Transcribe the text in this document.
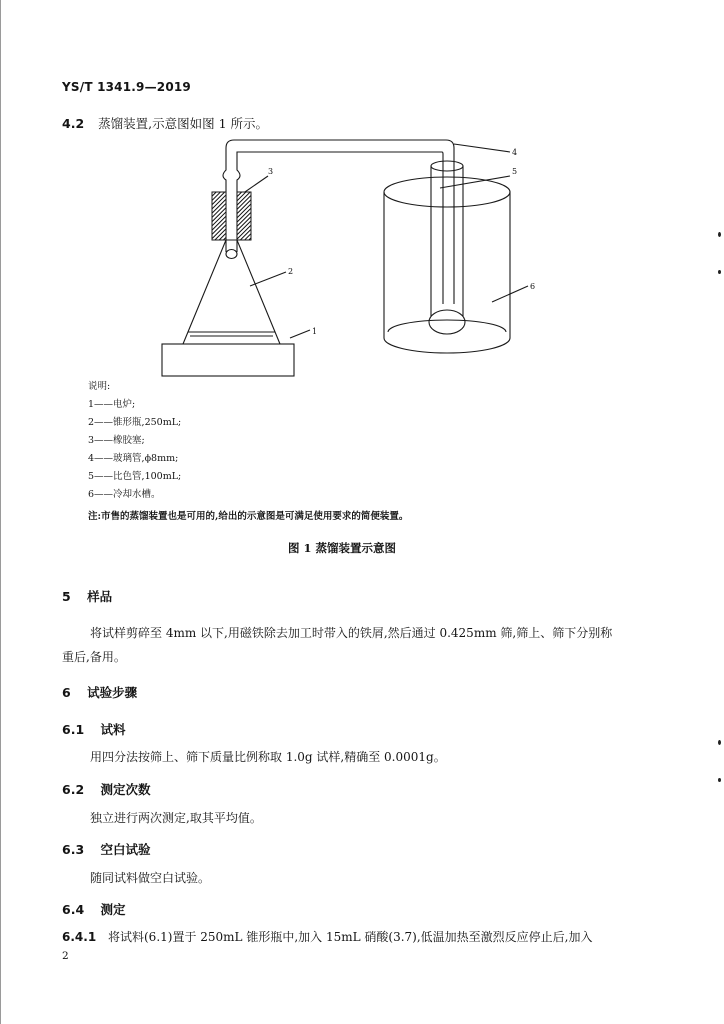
YS/T 1341.9—2019
4.2 蒸馏装置,示意图如图 1 所示。
1
2
3
4
5
6
说明:
1——电炉;
2——锥形瓶,250mL;
3——橡胶塞;
4——玻璃管,ϕ8mm;
5——比色管,100mL;
6——冷却水槽。
注:市售的蒸馏装置也是可用的,给出的示意图是可满足使用要求的简便装置。
图 1 蒸馏装置示意图
5 样品
将试样剪碎至 4mm 以下,用磁铁除去加工时带入的铁屑,然后通过 0.425mm 筛,筛上、筛下分别称
重后,备用。
6 试验步骤
6.1 试料
用四分法按筛上、筛下质量比例称取 1.0g 试样,精确至 0.0001g。
6.2 测定次数
独立进行两次测定,取其平均值。
6.3 空白试验
随同试料做空白试验。
6.4 测定
6.4.1 将试料(6.1)置于 250mL 锥形瓶中,加入 15mL 硝酸(3.7),低温加热至激烈反应停止后,加入
2
